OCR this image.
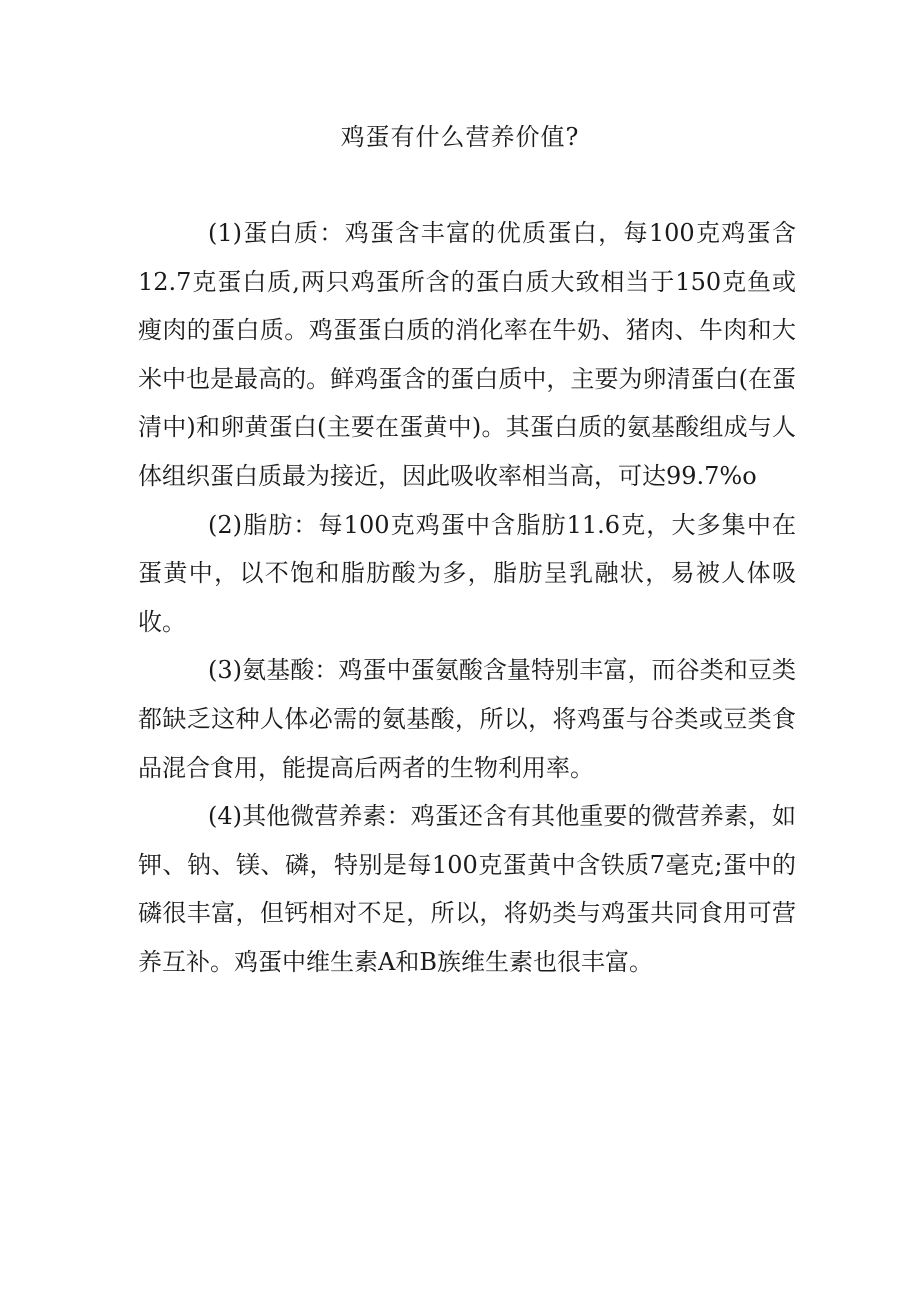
鸡蛋有什么营养价值?

(1)蛋白质：鸡蛋含丰富的优质蛋白，每100克鸡蛋含12.7克蛋白质,两只鸡蛋所含的蛋白质大致相当于150克鱼或瘦肉的蛋白质。鸡蛋蛋白质的消化率在牛奶、猪肉、牛肉和大米中也是最高的。鲜鸡蛋含的蛋白质中，主要为卵清蛋白(在蛋清中)和卵黄蛋白(主要在蛋黄中)。其蛋白质的氨基酸组成与人体组织蛋白质最为接近，因此吸收率相当高，可达99.7%o

(2)脂肪：每100克鸡蛋中含脂肪11.6克，大多集中在蛋黄中，以不饱和脂肪酸为多，脂肪呈乳融状，易被人体吸收。

(3)氨基酸：鸡蛋中蛋氨酸含量特别丰富，而谷类和豆类都缺乏这种人体必需的氨基酸，所以，将鸡蛋与谷类或豆类食品混合食用，能提高后两者的生物利用率。

(4)其他微营养素：鸡蛋还含有其他重要的微营养素，如钾、钠、镁、磷，特别是每100克蛋黄中含铁质7毫克;蛋中的磷很丰富，但钙相对不足，所以，将奶类与鸡蛋共同食用可营养互补。鸡蛋中维生素A和B族维生素也很丰富。
